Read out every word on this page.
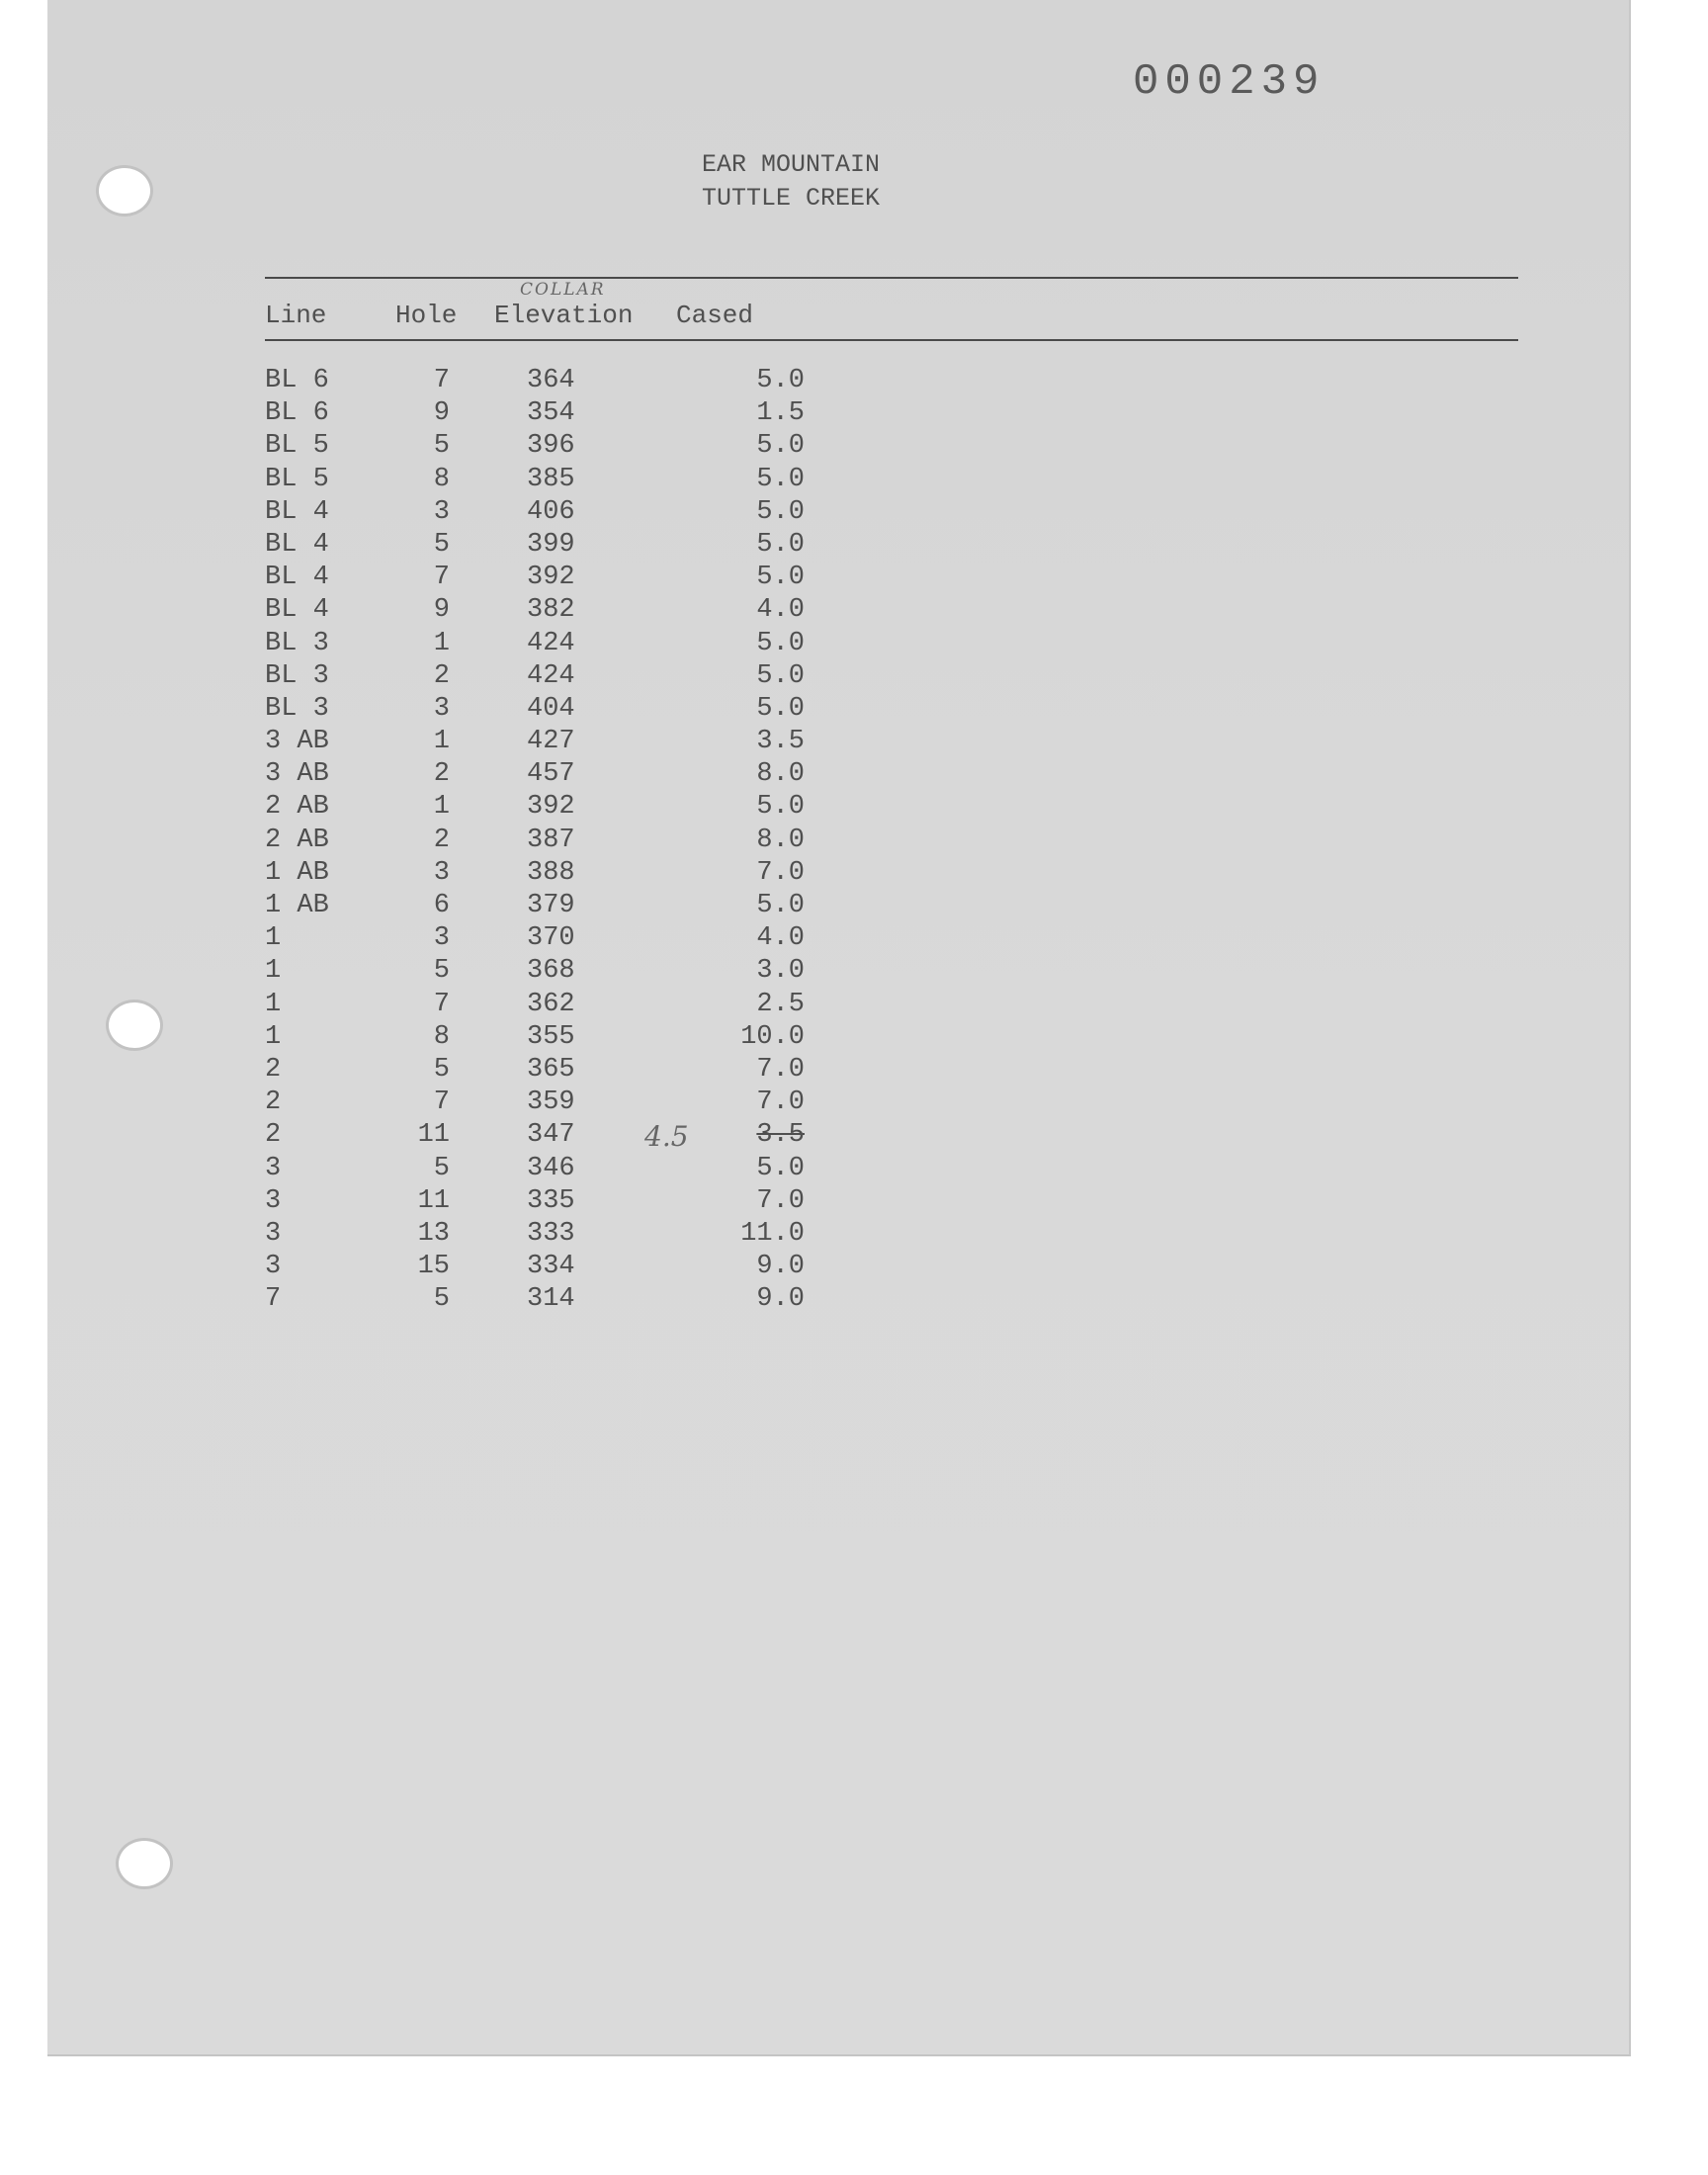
000239
EAR MOUNTAIN
TUTTLE CREEK
COLLAR
Line	Hole Elevation Cased
BL 6	7	364	5.0
BL 6	9	354	1.5
BL 5	5	396	5.0
BL 5	8	385	5.0
BL 4	3	406	5.0
BL 4	5	399	5.0
BL 4	7	392	5.0
BL 4	9	382	4.0
BL 3	1	424	5.0
BL 3	2	424	5.0
BL 3	3	404	5.0
3 AB	1	427	3.5
3 AB	2	457	8.0
2 AB	1	392	5.0
2 AB	2	387	8.0
1 AB	3	388	7.0
1 AB	6	379	5.0
1	3	370	4.0
1	5	368	3.0
1	7	362	2.5
1	8	355	10.0
2	5	365	7.0
2	7	359	7.0
2	11	347	3.5
4.5
3	5	346	5.0
3	11	335	7.0
3	13	333	11.0
3	15	334	9.0
7	5	314	9.0
